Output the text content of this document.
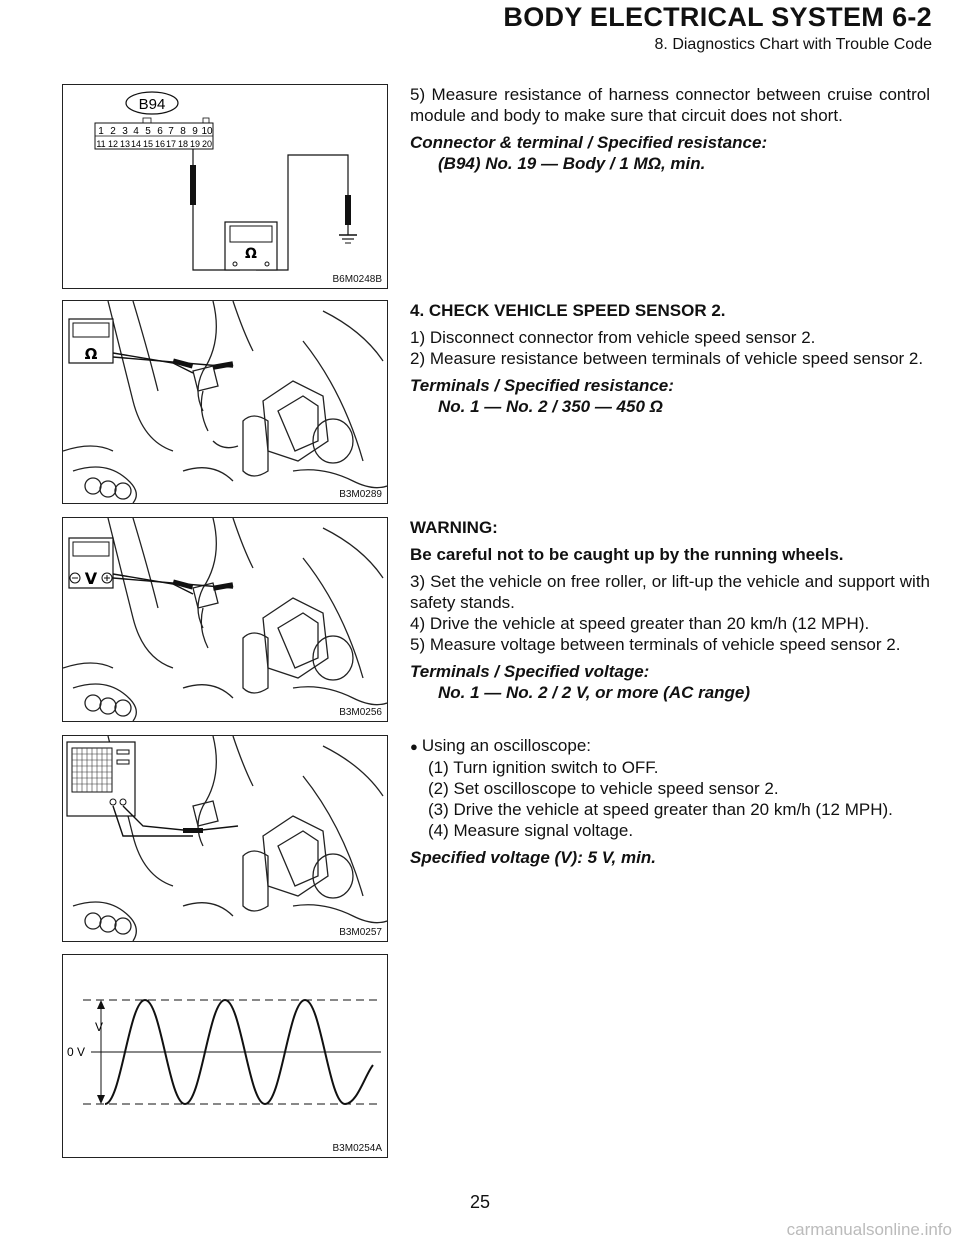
BODY ELECTRICAL SYSTEM 6-2
8. Diagnostics Chart with Trouble Code
B94
1 2 3 4 5 6 7 8 9 10
11 12 13 14 15 16 17 18 19 20
Ω
B6M0248B
Ω
B3M0289
V
B3M0256
B3M0257
V
0 V
B3M0254A

5) Measure resistance of harness connector between cruise control module and body to make sure that circuit does not short.

Connector & terminal / Specified resistance:

(B94) No. 19 — Body / 1 MΩ, min.

4. CHECK VEHICLE SPEED SENSOR 2.

1) Disconnect connector from vehicle speed sensor 2.

2) Measure resistance between terminals of vehicle speed sensor 2.

Terminals / Specified resistance:

No. 1 — No. 2 / 350 — 450 Ω

WARNING:

Be careful not to be caught up by the running wheels.

3) Set the vehicle on free roller, or lift-up the vehicle and support with safety stands.

4) Drive the vehicle at speed greater than 20 km/h (12 MPH).

5) Measure voltage between terminals of vehicle speed sensor 2.

Terminals / Specified voltage:

No. 1 — No. 2 / 2 V, or more (AC range)

● Using an oscilloscope:

(1) Turn ignition switch to OFF.

(2) Set oscilloscope to vehicle speed sensor 2.

(3) Drive the vehicle at speed greater than 20 km/h (12 MPH).

(4) Measure signal voltage.

Specified voltage (V): 5 V, min.

25
carmanualsonline.info
